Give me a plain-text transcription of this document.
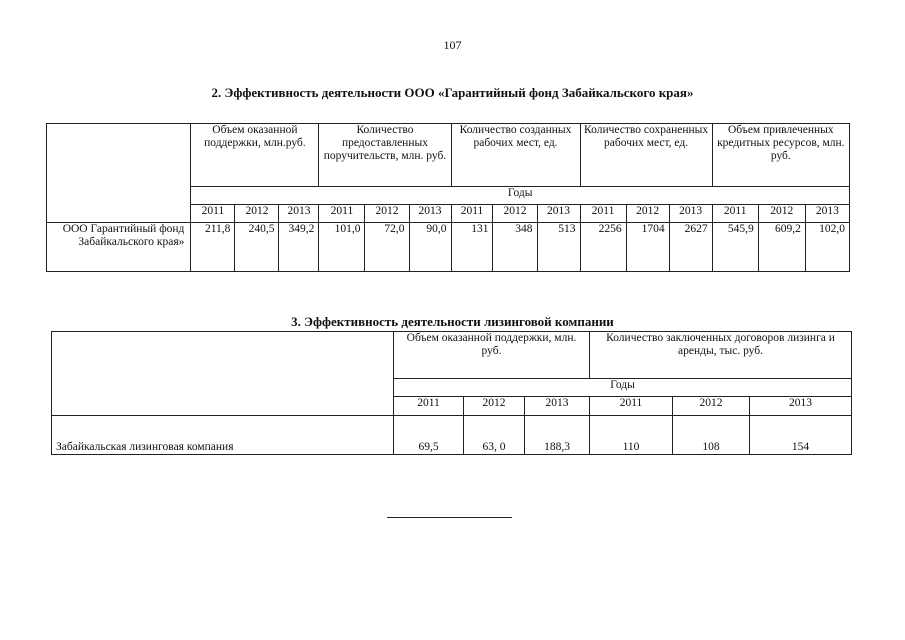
107
2. Эффективность деятельности ООО «Гарантийный фонд Забайкальского края»
	Объем оказанной поддержки, млн.руб.			Количество предоставленных поручительств, млн. руб.			Количество созданных рабочих мест, ед.			Количество сохраненных рабочих мест, ед.			Объем привлеченных кредитных ресурсов, млн. руб.		
	Годы														
	2011	2012	2013	2011	2012	2013	2011	2012	2013	2011	2012	2013	2011	2012	2013
ООО Гарантийный фонд Забайкальского края»	211,8	240,5	349,2	101,0	72,0	90,0	131	348	513	2256	1704	2627	545,9	609,2	102,0
3. Эффективность деятельности лизинговой компании
	Объем оказанной поддержки, млн. руб.			Количество заключенных договоров лизинга и аренды, тыс. руб.		
	Годы					
	2011	2012	2013	2011	2012	2013
Забайкальская лизинговая компания	69,5	63, 0	188,3	110	108	154
